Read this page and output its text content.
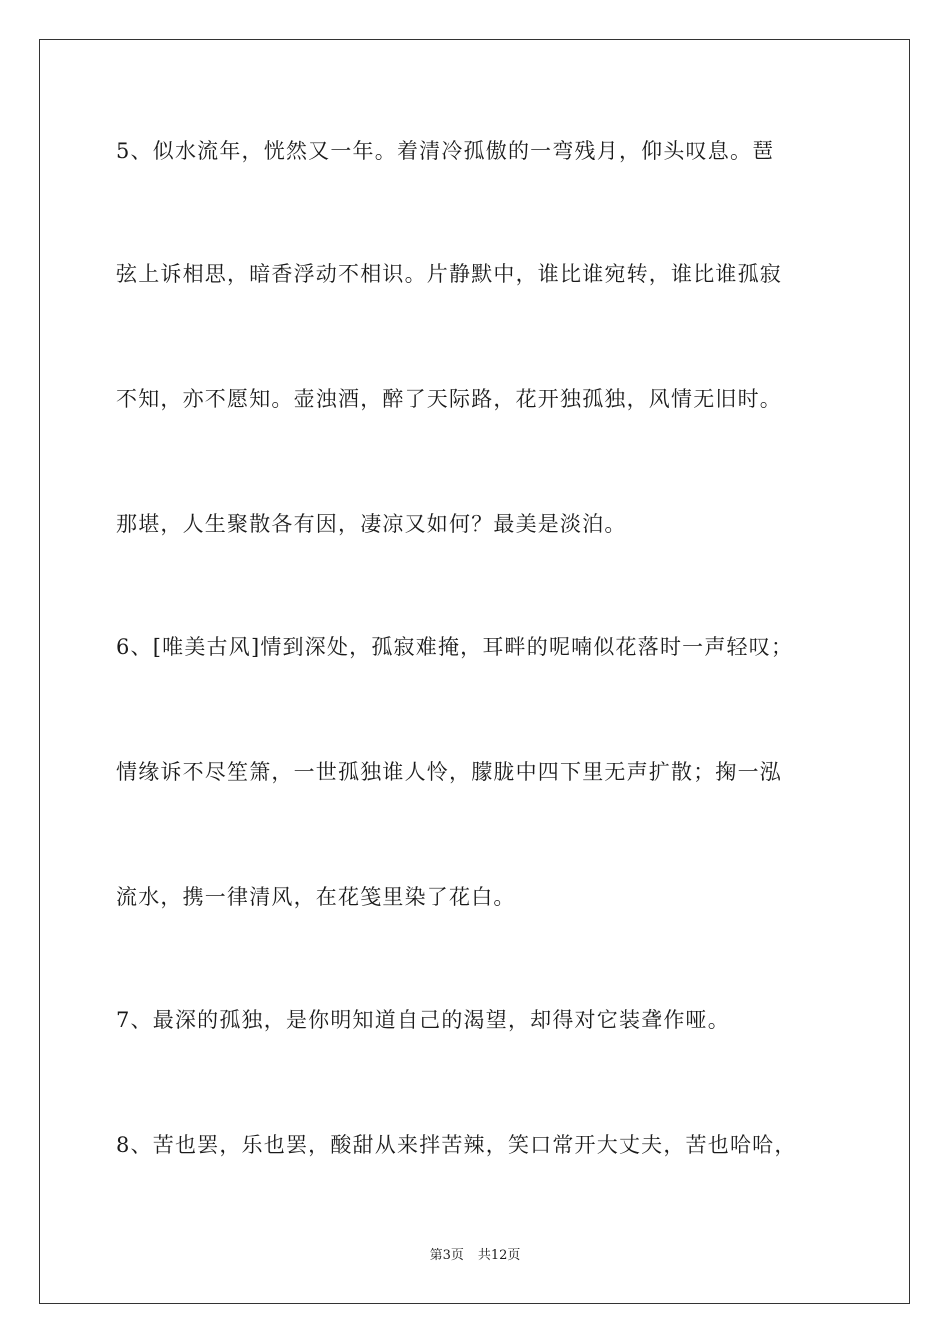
5、似水流年，恍然又一年。着清冷孤傲的一弯残月，仰头叹息。琶
弦上诉相思，暗香浮动不相识。片静默中，谁比谁宛转，谁比谁孤寂
不知，亦不愿知。壶浊酒，醉了天际路，花开独孤独，风情无旧时。
那堪，人生聚散各有因，凄凉又如何？最美是淡泊。
6、[唯美古风]情到深处，孤寂难掩，耳畔的呢喃似花落时一声轻叹；
情缘诉不尽笙箫，一世孤独谁人怜，朦胧中四下里无声扩散；掬一泓
流水，携一律清风，在花笺里染了花白。
7、最深的孤独，是你明知道自己的渴望，却得对它装聋作哑。
8、苦也罢，乐也罢，酸甜从来拌苦辣，笑口常开大丈夫，苦也哈哈，
第3页 共12页
